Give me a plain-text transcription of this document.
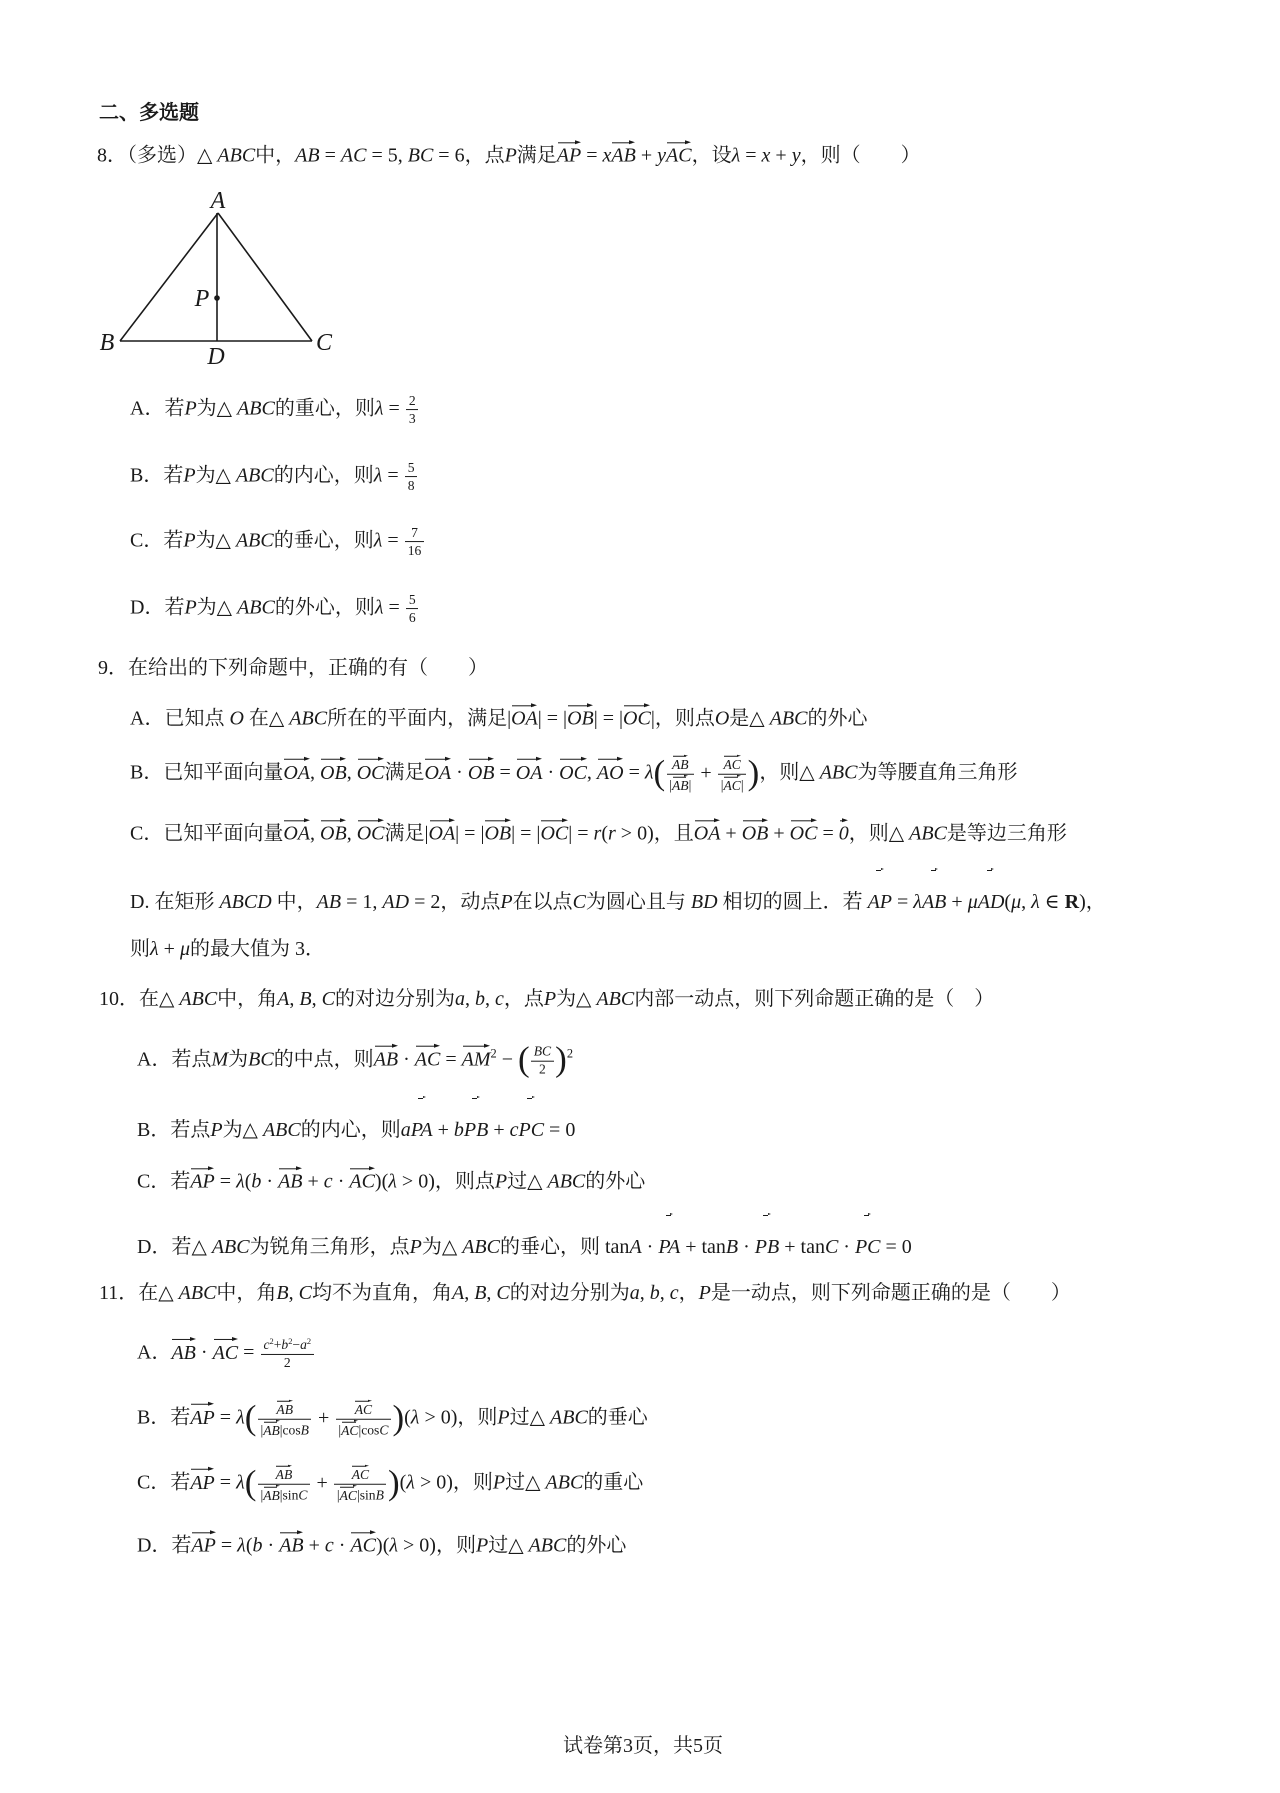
二、多选题
8．（多选）△ ABC中，AB = AC = 5, BC = 6，点P满足AP = xAB + yAC，设λ = x + y，则（　　）
A
B	C
D
P
A．若P为△ ABC的重心，则$\lambda = \frac{2}{3}$
B．若P为△ ABC的内心，则$\lambda = \frac{5}{8}$
C．若P为△ ABC的垂心，则$\lambda = \frac{7}{16}$
D．若P为△ ABC的外心，则$\lambda = \frac{5}{6}$
9．在给出的下列命题中，正确的有（　　）
A．已知点 O 在△ ABC所在的平面内，满足|OA| = |OB| = |OC|，则点O是△ ABC的外心
B．已知平面向量OA, OB, OC满足OA · OB = OA · OC, AO = $\lambda( \frac{AB}{|AB|} + \frac{AC}{|AC|}$ )，则△ ABC为等腰直角三角形
C．已知平面向量OA, OB, OC满足|OA| = |OB| = |OC| = r(r > 0)，且OA + OB + OC = 0，则△ ABC是等边三角形
D. 在矩形 ABCD 中，AB = 1, AD = 2，动点P在以点C为圆心且与 BD 相切的圆上．若 AP = λAB + μAD(μ, λ ∈ R)，
则λ + μ的最大值为 3．
10．在△ ABC中，角A, B, C的对边分别为a, b, c，点P为△ ABC内部一动点，则下列命题正确的是（　）
A．若点M为BC的中点，则AB · AC = $AM^2$ − ( $\frac{BC}{2} )^2$
B．若点P为△ ABC的内心，则aPA + bPB + cPC = 0
C．若AP = λ(b · AB + c · AC)(λ > 0)，则点P过△ ABC的外心
D．若△ ABC为锐角三角形，点P为△ ABC的垂心，则 tanA · PA + tanB · PB + tanC · PC = 0
11．在△ ABC中，角B, C均不为直角，角A, B, C的对边分别为a, b, c，P是一动点，则下列命题正确的是（　　）
A．AB · AC = $\frac{c^2+b^2-a^2}{2}$
B．若AP = $\lambda( \frac{AB}{|AB|\cos B} + \frac{AC}{|AC|\cos C} )(\lambda > 0)$，则P过△ ABC的垂心
C．若AP = $\lambda( \frac{AB}{|AB|\sin C} + \frac{AC}{|AC|\sin B} )(\lambda > 0)$，则P过△ ABC的重心
D．若AP = λ(b · AB + c · AC)(λ > 0)，则P过△ ABC的外心
试卷第3页，共5页
